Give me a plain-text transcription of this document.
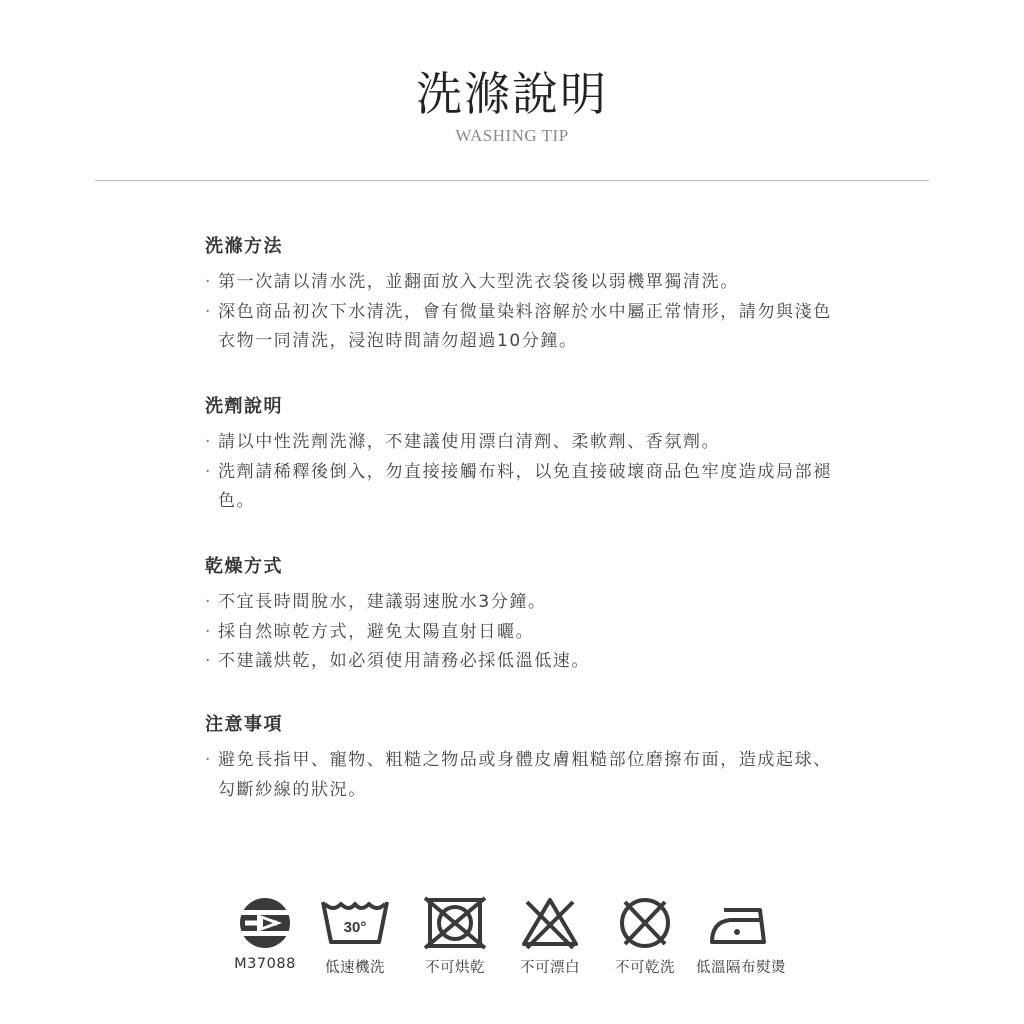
洗滌說明
WASHING TIP
洗滌方法
· 第一次請以清水洗，並翻面放入大型洗衣袋後以弱機單獨清洗。
· 深色商品初次下水清洗，會有微量染料溶解於水中屬正常情形，請勿與淺色衣物一同清洗，浸泡時間請勿超過10分鐘。
洗劑說明
· 請以中性洗劑洗滌，不建議使用漂白清劑、柔軟劑、香氛劑。
· 洗劑請稀釋後倒入，勿直接接觸布料，以免直接破壞商品色牢度造成局部褪色。
乾燥方式
· 不宜長時間脫水，建議弱速脫水3分鐘。
· 採自然晾乾方式，避免太陽直射日曬。
· 不建議烘乾，如必須使用請務必採低溫低速。
注意事項
· 避免長指甲、寵物、粗糙之物品或身體皮膚粗糙部位磨擦布面，造成起球、勾斷紗線的狀況。
M37088
30°
低速機洗	不可烘乾	不可漂白	不可乾洗	低溫隔布熨燙
